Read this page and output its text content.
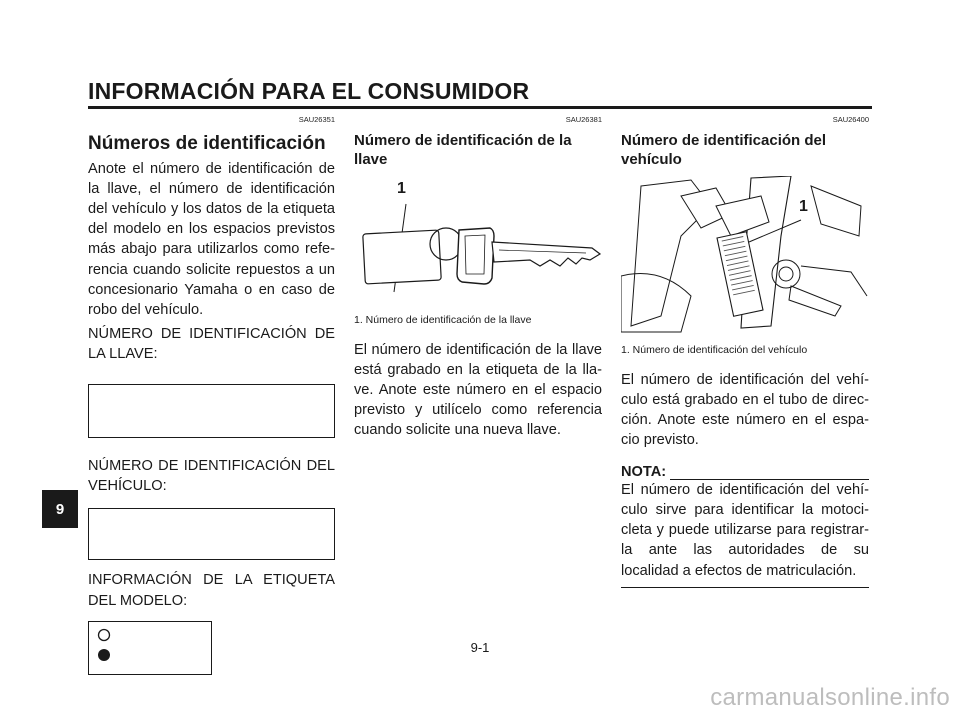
INFORMACIÓN PARA EL CONSUMIDOR
9
SAU26351
Números de identificación

Anote el número de identificación de la llave, el número de identificación del vehículo y los datos de la etiqueta del modelo en los espacios previstos más abajo para utilizarlos como refe-rencia cuando solicite repuestos a un concesionario Yamaha o en caso de robo del vehículo.

NÚMERO DE IDENTIFICACIÓN DE LA LLAVE:

NÚMERO DE IDENTIFICACIÓN DEL VEHÍCULO:

INFORMACIÓN DE LA ETIQUETA DEL MODELO:

SAU26381
Número de identificación de la llave
1

1. Número de identificación de la llave

El número de identificación de la llave está grabado en la etiqueta de la lla-ve. Anote este número en el espacio previsto y utilícelo como referencia cuando solicite una nueva llave.

SAU26400
Número de identificación del vehículo
1

1. Número de identificación del vehículo

El número de identificación del vehí-culo está grabado en el tubo de direc-ción. Anote este número en el espa-cio previsto.

NOTA:

El número de identificación del vehí-culo sirve para identificar la motoci-cleta y puede utilizarse para registrar-la ante las autoridades de su localidad a efectos de matriculación.

9-1
carmanualsonline.info
